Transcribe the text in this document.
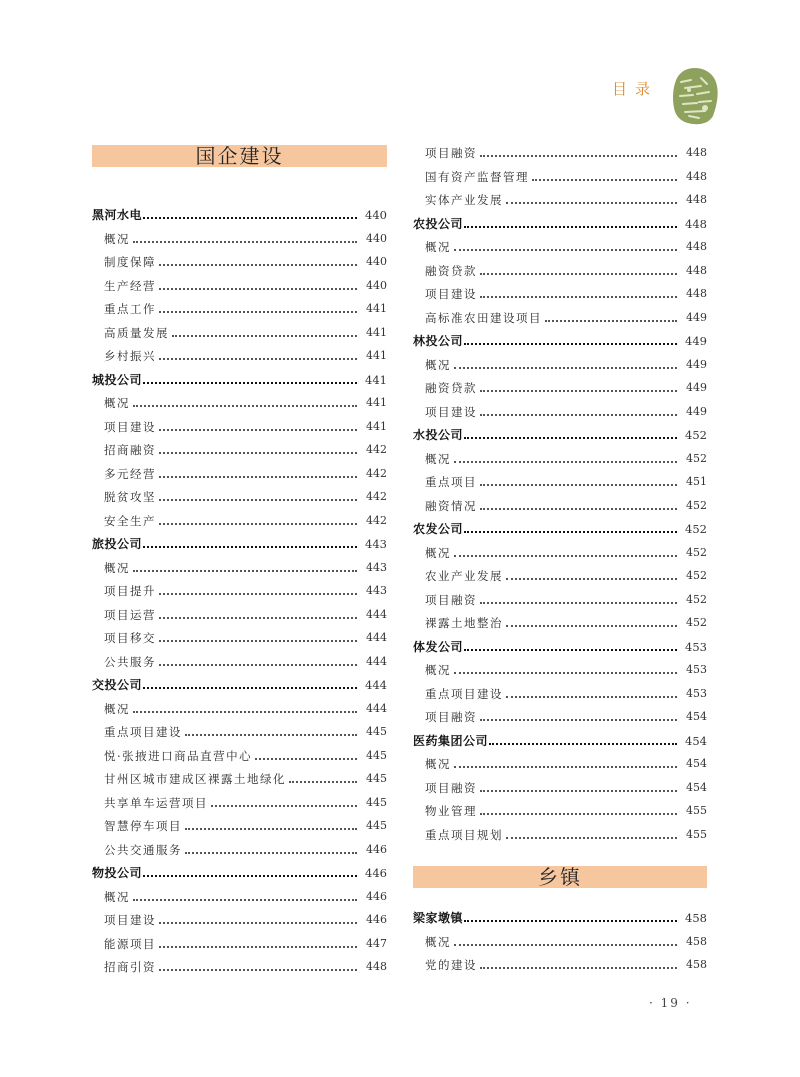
目录
国企建设
黑河水电	440
概况	440
制度保障	440
生产经营	440
重点工作	441
高质量发展	441
乡村振兴	441
城投公司	441
概况	441
项目建设	441
招商融资	442
多元经营	442
脱贫攻坚	442
安全生产	442
旅投公司	443
概况	443
项目提升	443
项目运营	444
项目移交	444
公共服务	444
交投公司	444
概况	444
重点项目建设	445
悦·张掖进口商品直营中心	445
甘州区城市建成区裸露土地绿化	445
共享单车运营项目	445
智慧停车项目	445
公共交通服务	446
物投公司	446
概况	446
项目建设	446
能源项目	447
招商引资	448
项目融资	448
国有资产监督管理	448
实体产业发展	448
农投公司	448
概况	448
融资贷款	448
项目建设	448
高标准农田建设项目	449
林投公司	449
概况	449
融资贷款	449
项目建设	449
水投公司	452
概况	452
重点项目	451
融资情况	452
农发公司	452
概况	452
农业产业发展	452
项目融资	452
裸露土地整治	452
体发公司	453
概况	453
重点项目建设	453
项目融资	454
医药集团公司	454
概况	454
项目融资	454
物业管理	455
重点项目规划	455
乡镇
梁家墩镇	458
概况	458
党的建设	458
· 19 ·
